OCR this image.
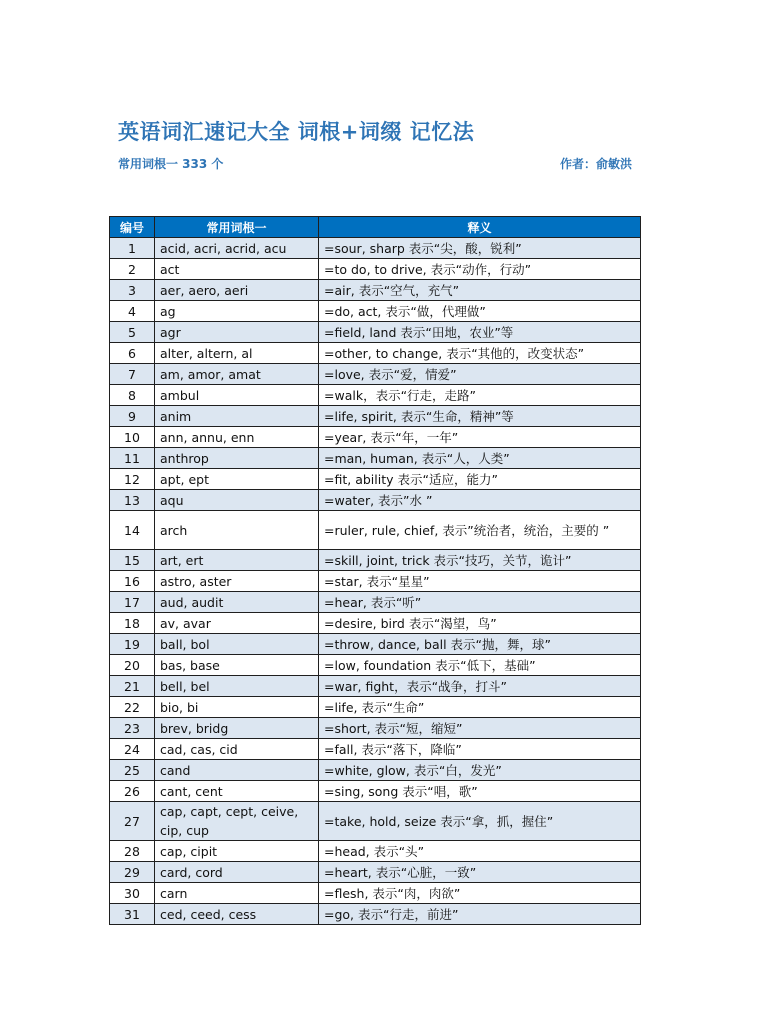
英语词汇速记大全 词根+词缀 记忆法
常用词根一 333 个	作者：俞敏洪
编号	常用词根一	释义
1	acid, acri, acrid, acu	=sour, sharp 表示“尖，酸，锐利”
2	act	=to do, to drive, 表示“动作，行动”
3	aer, aero, aeri	=air, 表示“空气，充气”
4	ag	=do, act, 表示“做，代理做”
5	agr	=field, land 表示“田地，农业”等
6	alter, altern, al	=other, to change, 表示“其他的，改变状态”
7	am, amor, amat	=love, 表示“爱，情爱”
8	ambul	=walk，表示“行走，走路”
9	anim	=life, spirit, 表示“生命，精神”等
10	ann, annu, enn	=year, 表示“年，一年”
11	anthrop	=man, human, 表示“人，人类”
12	apt, ept	=fit, ability 表示“适应，能力”
13	aqu	=water, 表示”水 ”
14	arch	=ruler, rule, chief, 表示”统治者，统治，主要的 ”
15	art, ert	=skill, joint, trick 表示“技巧，关节，诡计”
16	astro, aster	=star, 表示“星星”
17	aud, audit	=hear, 表示“听”
18	av, avar	=desire, bird 表示“渴望，鸟”
19	ball, bol	=throw, dance, ball 表示“抛，舞，球”
20	bas, base	=low, foundation 表示“低下，基础”
21	bell, bel	=war, fight，表示“战争，打斗”
22	bio, bi	=life, 表示“生命”
23	brev, bridg	=short, 表示“短，缩短”
24	cad, cas, cid	=fall, 表示“落下，降临”
25	cand	=white, glow, 表示“白，发光”
26	cant, cent	=sing, song 表示“唱，歌”
27	cap, capt, cept, ceive, cip, cup	=take, hold, seize 表示“拿，抓，握住”
28	cap, cipit	=head, 表示“头”
29	card, cord	=heart, 表示“心脏，一致”
30	carn	=flesh, 表示“肉，肉欲”
31	ced, ceed, cess	=go, 表示“行走，前进”
